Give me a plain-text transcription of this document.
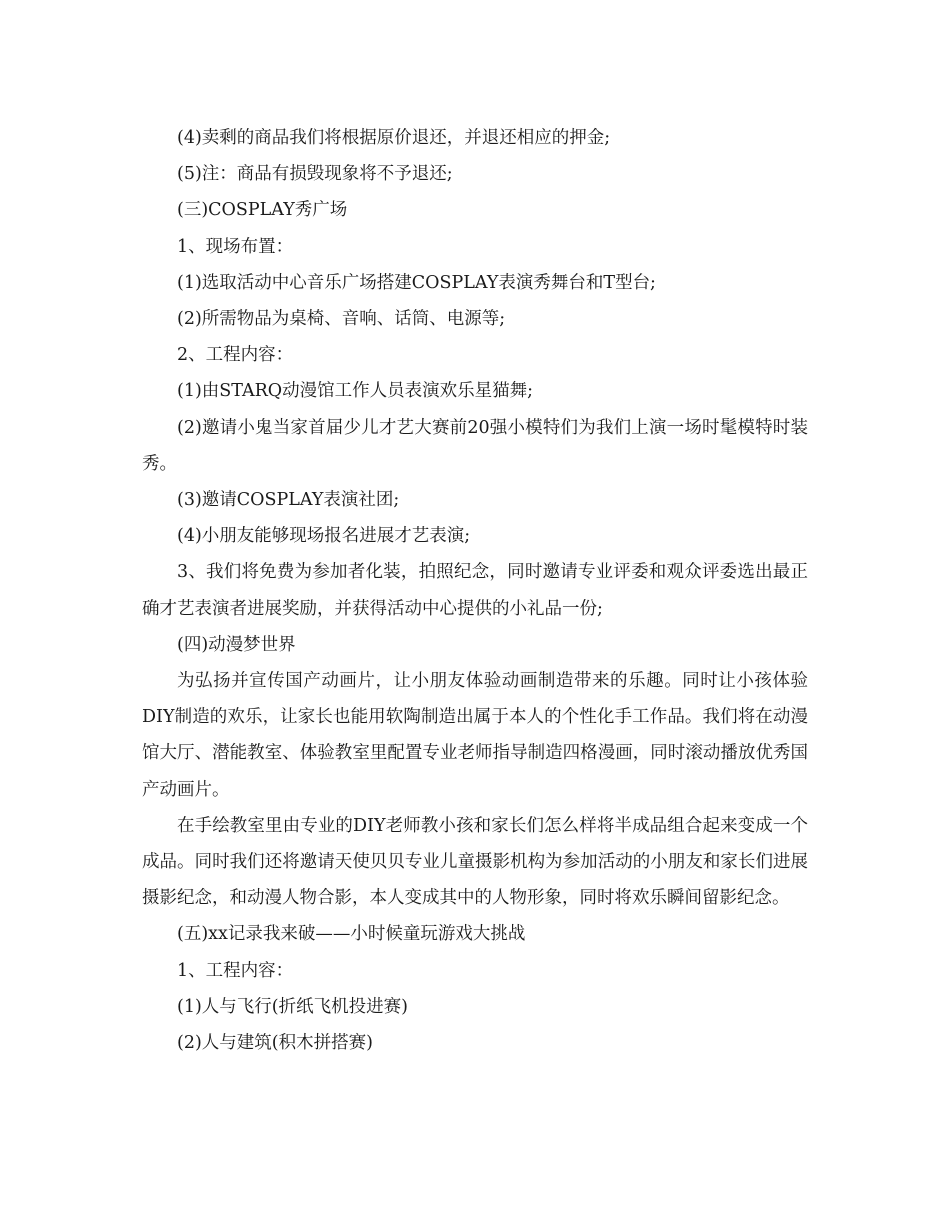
(4)卖剩的商品我们将根据原价退还，并退还相应的押金;

(5)注：商品有损毁现象将不予退还;

(三)COSPLAY秀广场

1、现场布置：

(1)选取活动中心音乐广场搭建COSPLAY表演秀舞台和T型台;

(2)所需物品为桌椅、音响、话筒、电源等;

2、工程内容：

(1)由STARQ动漫馆工作人员表演欢乐星猫舞;

(2)邀请小鬼当家首届少儿才艺大赛前20强小模特们为我们上演一场时髦模特时装秀。

(3)邀请COSPLAY表演社团;

(4)小朋友能够现场报名进展才艺表演;

3、我们将免费为参加者化装，拍照纪念，同时邀请专业评委和观众评委选出最正确才艺表演者进展奖励，并获得活动中心提供的小礼品一份;

(四)动漫梦世界

为弘扬并宣传国产动画片，让小朋友体验动画制造带来的乐趣。同时让小孩体验DIY制造的欢乐，让家长也能用软陶制造出属于本人的个性化手工作品。我们将在动漫馆大厅、潜能教室、体验教室里配置专业老师指导制造四格漫画，同时滚动播放优秀国产动画片。

在手绘教室里由专业的DIY老师教小孩和家长们怎么样将半成品组合起来变成一个成品。同时我们还将邀请天使贝贝专业儿童摄影机构为参加活动的小朋友和家长们进展摄影纪念，和动漫人物合影，本人变成其中的人物形象，同时将欢乐瞬间留影纪念。

(五)xx记录我来破——小时候童玩游戏大挑战

1、工程内容：

(1)人与飞行(折纸飞机投进赛)

(2)人与建筑(积木拼搭赛)
